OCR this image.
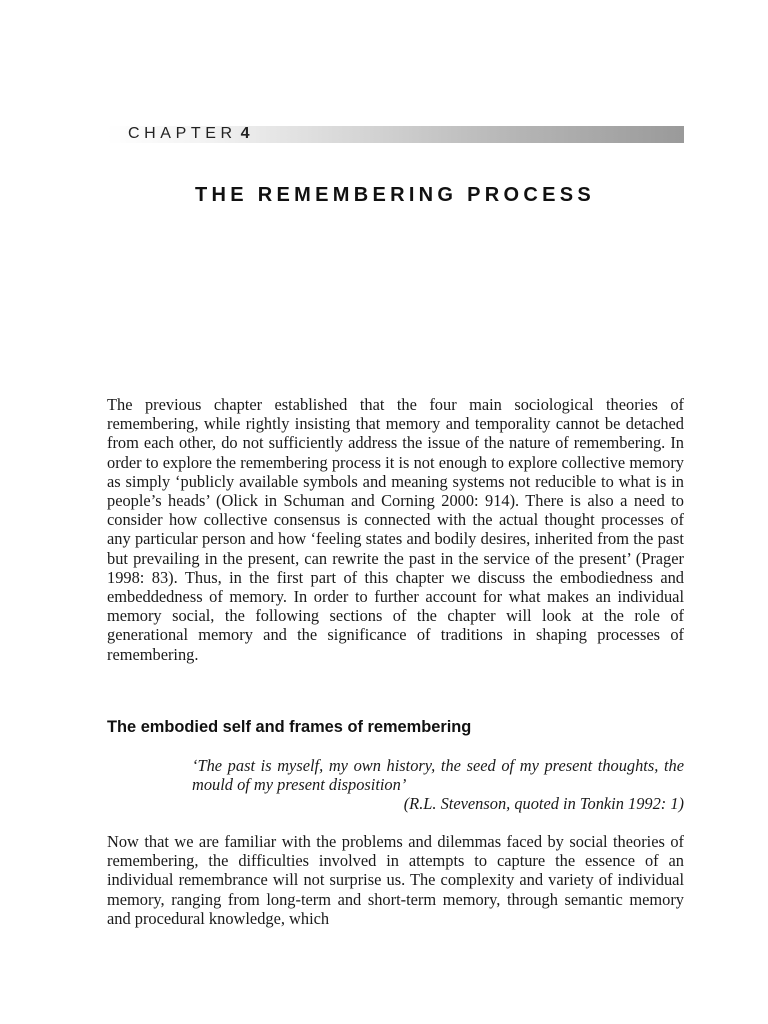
CHAPTER 4
THE REMEMBERING PROCESS

The previous chapter established that the four main sociological theories of remembering, while rightly insisting that memory and temporality cannot be detached from each other, do not sufficiently address the issue of the nature of remembering. In order to explore the remembering process it is not enough to explore collective memory as simply ‘publicly available symbols and meaning systems not reducible to what is in people’s heads’ (Olick in Schuman and Corning 2000: 914). There is also a need to consider how collective consensus is connected with the actual thought processes of any particular person and how ‘feeling states and bodily desires, inherited from the past but prevailing in the present, can rewrite the past in the service of the present’ (Prager 1998: 83). Thus, in the first part of this chapter we discuss the embodiedness and embeddedness of memory. In order to further account for what makes an individual memory social, the following sections of the chapter will look at the role of generational memory and the significance of traditions in shaping processes of remembering.

The embodied self and frames of remembering

‘The past is myself, my own history, the seed of my present thoughts, the mould of my present disposition’

(R.L. Stevenson, quoted in Tonkin 1992: 1)

Now that we are familiar with the problems and dilemmas faced by social theories of remembering, the difficulties involved in attempts to capture the essence of an individual remembrance will not surprise us. The complexity and variety of individual memory, ranging from long-term and short-term memory, through semantic memory and procedural knowledge, which
